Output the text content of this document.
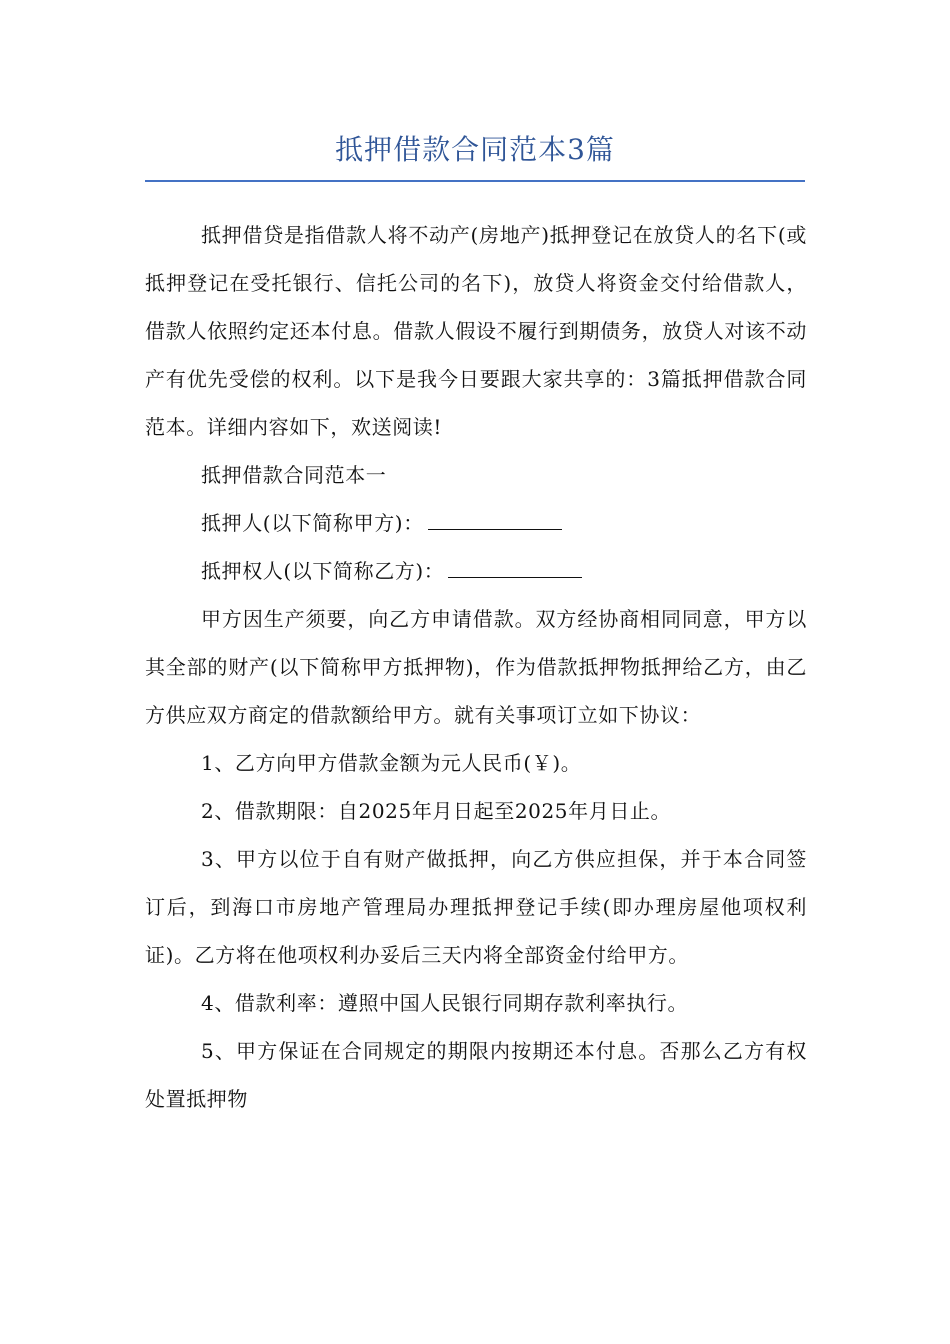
抵押借款合同范本3篇

抵押借贷是指借款人将不动产(房地产)抵押登记在放贷人的名下(或抵押登记在受托银行、信托公司的名下)，放贷人将资金交付给借款人，借款人依照约定还本付息。借款人假设不履行到期债务，放贷人对该不动产有优先受偿的权利。以下是我今日要跟大家共享的：3篇抵押借款合同范本。详细内容如下，欢送阅读!

抵押借款合同范本一

抵押人(以下简称甲方)：

抵押权人(以下简称乙方)：

甲方因生产须要，向乙方申请借款。双方经协商相同同意，甲方以其全部的财产(以下简称甲方抵押物)，作为借款抵押物抵押给乙方，由乙方供应双方商定的借款额给甲方。就有关事项订立如下协议：

1、乙方向甲方借款金额为元人民币(￥)。

2、借款期限：自2025年月日起至2025年月日止。

3、甲方以位于自有财产做抵押，向乙方供应担保，并于本合同签订后，到海口市房地产管理局办理抵押登记手续(即办理房屋他项权利证)。乙方将在他项权利办妥后三天内将全部资金付给甲方。

4、借款利率：遵照中国人民银行同期存款利率执行。

5、甲方保证在合同规定的期限内按期还本付息。否那么乙方有权处置抵押物
